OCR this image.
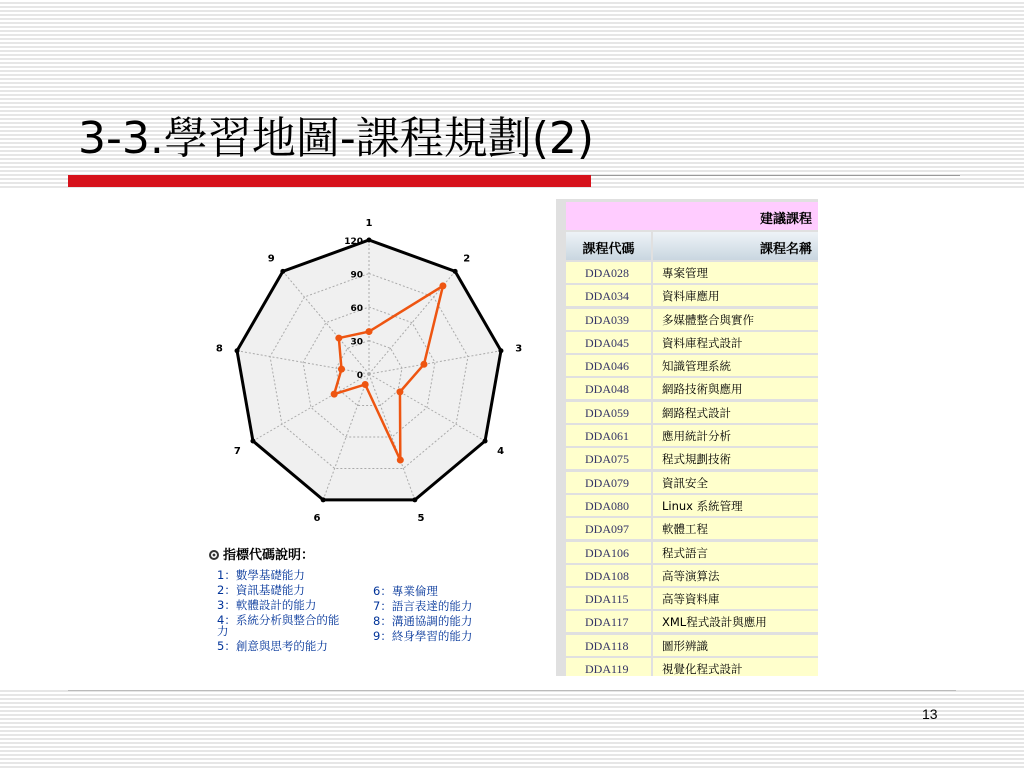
3-3.學習地圖-課程規劃(2)
0
30
60
90
120
1
2
3
4
5
6
7
8
9
指標代碼說明：
1：數學基礎能力
2：資訊基礎能力
3：軟體設計的能力
4：系統分析與整合的能
力
5：創意與思考的能力
6：專業倫理
7：語言表達的能力
8：溝通協調的能力
9：終身學習的能力
建議課程
課程代碼	課程名稱
DDA028	專案管理
DDA034	資料庫應用
DDA039	多媒體整合與實作
DDA045	資料庫程式設計
DDA046	知識管理系統
DDA048	網路技術與應用
DDA059	網路程式設計
DDA061	應用統計分析
DDA075	程式規劃技術
DDA079	資訊安全
DDA080	Linux 系統管理
DDA097	軟體工程
DDA106	程式語言
DDA108	高等演算法
DDA115	高等資料庫
DDA117	XML程式設計與應用
DDA118	圖形辨識
DDA119	視覺化程式設計
13
